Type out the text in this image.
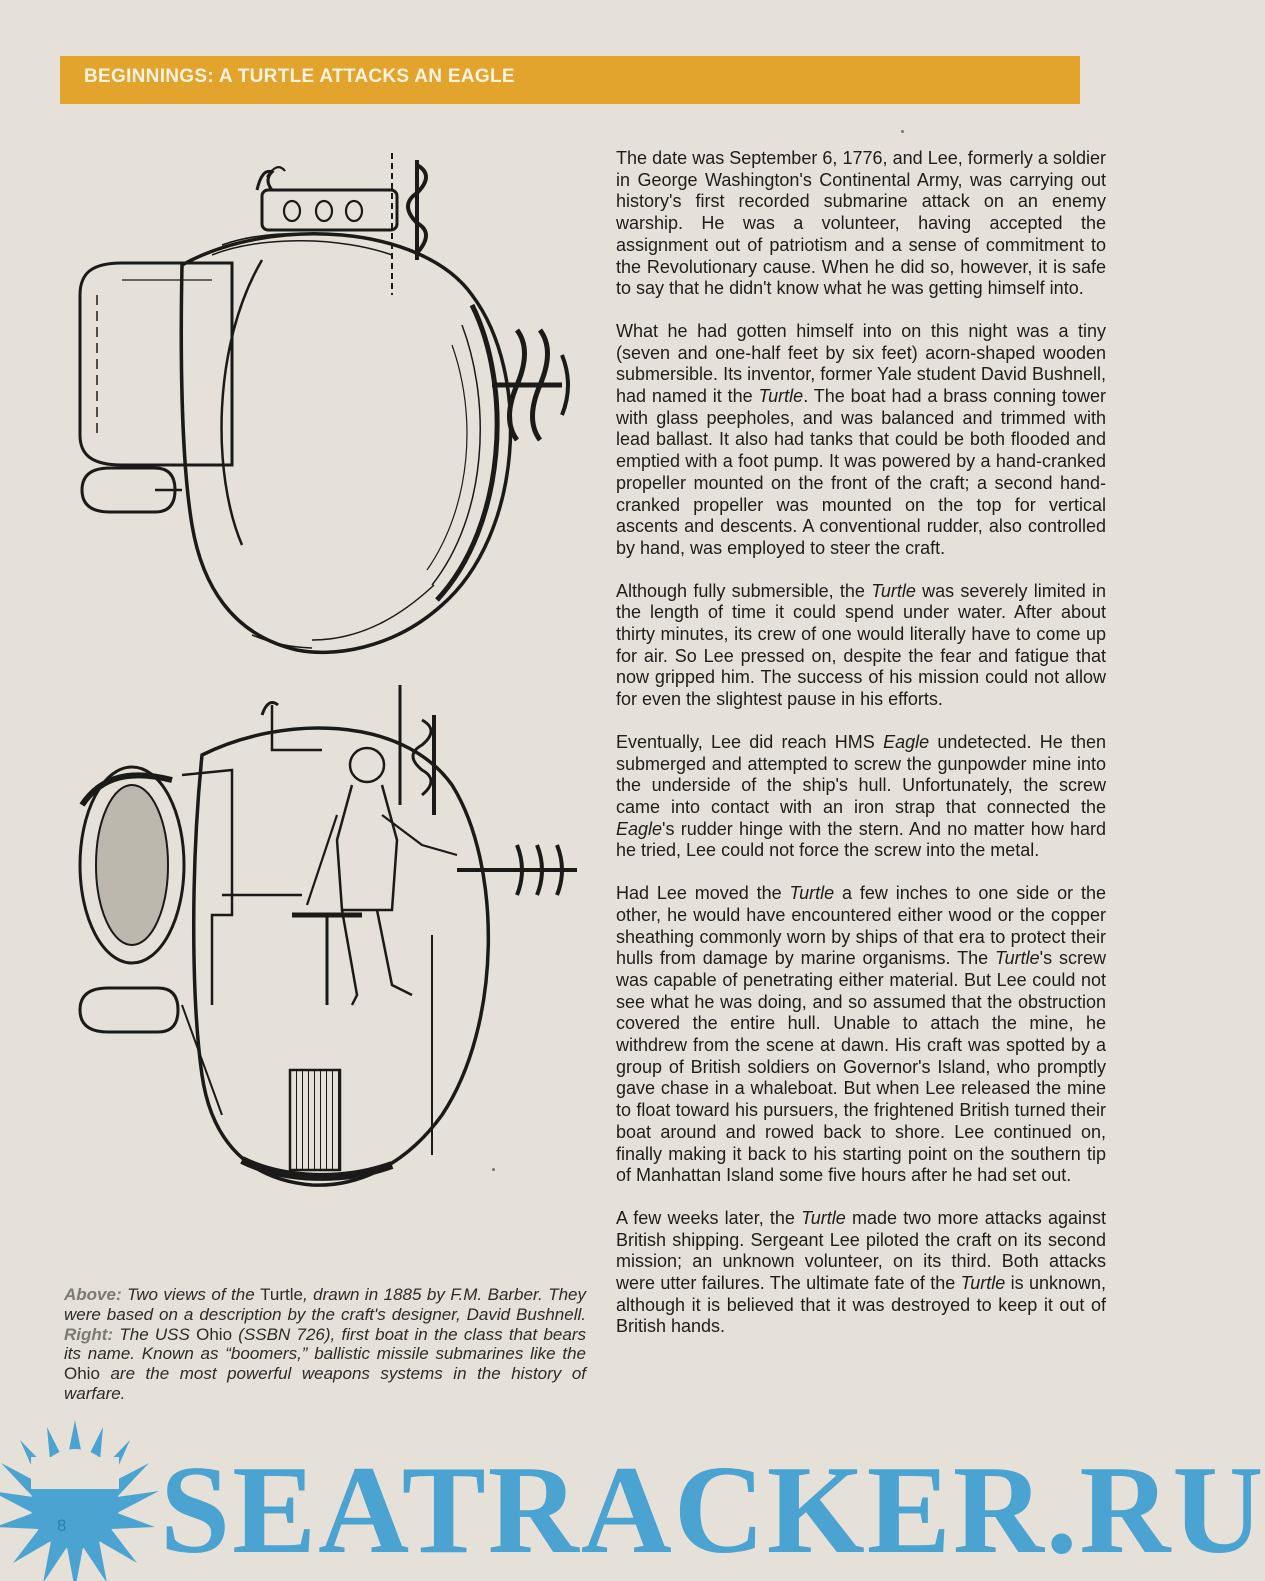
BEGINNINGS: A TURTLE ATTACKS AN EAGLE

The date was September 6, 1776, and Lee, formerly a soldier in George Washington's Continental Army, was carrying out history's first recorded submarine attack on an enemy warship. He was a volunteer, having accepted the assignment out of patriotism and a sense of commitment to the Revolutionary cause. When he did so, however, it is safe to say that he didn't know what he was getting himself into.

What he had gotten himself into on this night was a tiny (seven and one-half feet by six feet) acorn-shaped wooden submersible. Its inventor, former Yale student David Bushnell, had named it the Turtle. The boat had a brass conning tower with glass peepholes, and was balanced and trimmed with lead ballast. It also had tanks that could be both flooded and emptied with a foot pump. It was powered by a hand-cranked propeller mounted on the front of the craft; a second hand-cranked propeller was mounted on the top for vertical ascents and descents. A conventional rudder, also controlled by hand, was employed to steer the craft.

Although fully submersible, the Turtle was severely limited in the length of time it could spend under water. After about thirty minutes, its crew of one would literally have to come up for air. So Lee pressed on, despite the fear and fatigue that now gripped him. The success of his mission could not allow for even the slightest pause in his efforts.

Eventually, Lee did reach HMS Eagle undetected. He then submerged and attempted to screw the gunpowder mine into the underside of the ship's hull. Unfortunately, the screw came into contact with an iron strap that connected the Eagle's rudder hinge with the stern. And no matter how hard he tried, Lee could not force the screw into the metal.

Had Lee moved the Turtle a few inches to one side or the other, he would have encountered either wood or the copper sheathing commonly worn by ships of that era to protect their hulls from damage by marine organisms. The Turtle's screw was capable of penetrating either material. But Lee could not see what he was doing, and so assumed that the obstruction covered the entire hull. Unable to attach the mine, he withdrew from the scene at dawn. His craft was spotted by a group of British soldiers on Governor's Island, who promptly gave chase in a whaleboat. But when Lee released the mine to float toward his pursuers, the frightened British turned their boat around and rowed back to shore. Lee continued on, finally making it back to his starting point on the southern tip of Manhattan Island some five hours after he had set out.

A few weeks later, the Turtle made two more attacks against British shipping. Sergeant Lee piloted the craft on its second mission; an unknown volunteer, on its third. Both attacks were utter failures. The ultimate fate of the Turtle is unknown, although it is believed that it was destroyed to keep it out of British hands.

Above: Two views of the Turtle, drawn in 1885 by F.M. Barber. They were based on a description by the craft's designer, David Bushnell. Right: The USS Ohio (SSBN 726), first boat in the class that bears its name. Known as “boomers,” ballistic missile submarines like the Ohio are the most powerful weapons systems in the history of warfare.
8 SEATRACKER.RU
